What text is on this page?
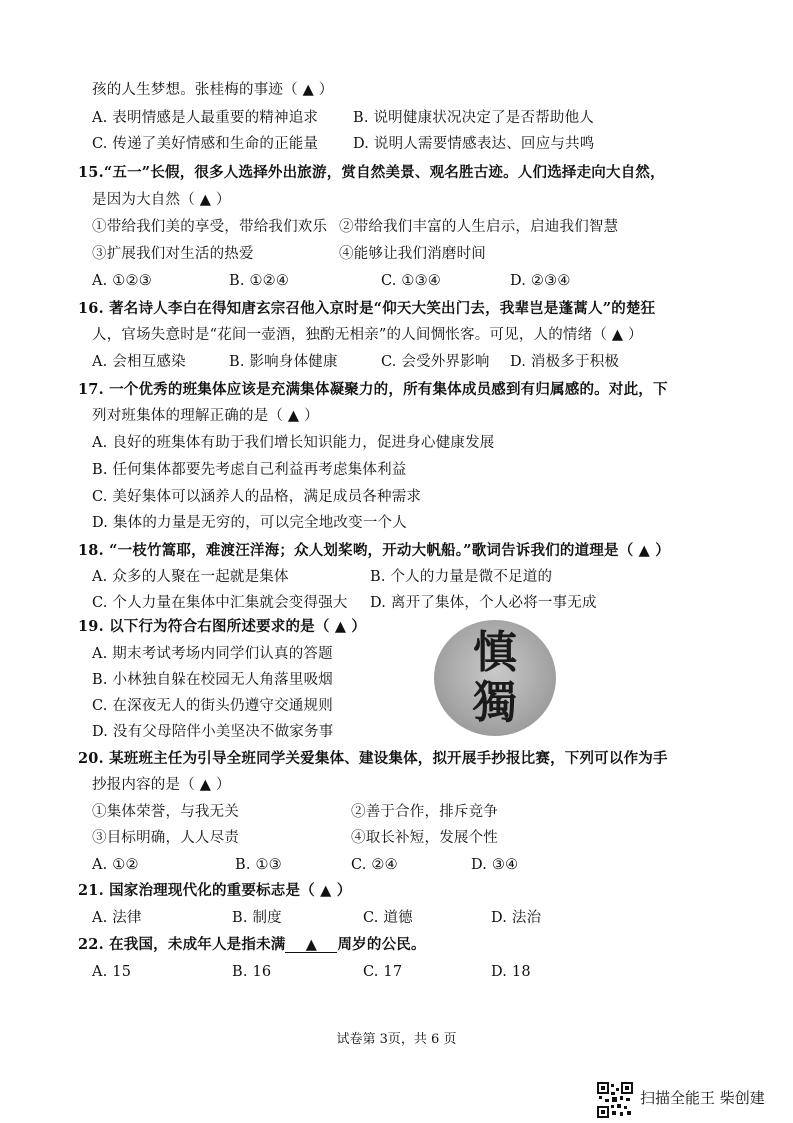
孩的人生梦想。张桂梅的事迹（ ▲ ）
A. 表明情感是人最重要的精神追求 B. 说明健康状况决定了是否帮助他人
C. 传递了美好情感和生命的正能量 D. 说明人需要情感表达、回应与共鸣
15.“五一”长假，很多人选择外出旅游，赏自然美景、观名胜古迹。人们选择走向大自然，
是因为大自然（ ▲ ）
①带给我们美的享受，带给我们欢乐 ②带给我们丰富的人生启示，启迪我们智慧
③扩展我们对生活的热爱	④能够让我们消磨时间
A. ①②③	B. ①②④	C. ①③④	D. ②③④
16. 著名诗人李白在得知唐玄宗召他入京时是“仰天大笑出门去，我辈岂是蓬蒿人”的楚狂
人，官场失意时是“花间一壶酒，独酌无相亲”的人间惆怅客。可见，人的情绪（ ▲ ）
A. 会相互感染	B. 影响身体健康	C. 会受外界影响 D. 消极多于积极
17. 一个优秀的班集体应该是充满集体凝聚力的，所有集体成员感到有归属感的。对此，下
列对班集体的理解正确的是（ ▲ ）
A. 良好的班集体有助于我们增长知识能力，促进身心健康发展
B. 任何集体都要先考虑自己利益再考虑集体利益
C. 美好集体可以涵养人的品格，满足成员各种需求
D. 集体的力量是无穷的，可以完全地改变一个人
18. “一枝竹篙耶，难渡汪洋海；众人划桨哟，开动大帆船。”歌词告诉我们的道理是（ ▲ ）
A. 众多的人聚在一起就是集体	B. 个人的力量是微不足道的
C. 个人力量在集体中汇集就会变得强大 D. 离开了集体，个人必将一事无成
19. 以下行为符合右图所述要求的是（ ▲ ）
A. 期末考试考场内同学们认真的答题
B. 小林独自躲在校园无人角落里吸烟
C. 在深夜无人的街头仍遵守交通规则
D. 没有父母陪伴小美坚决不做家务事
20. 某班班主任为引导全班同学关爱集体、建设集体，拟开展手抄报比赛，下列可以作为手
抄报内容的是（ ▲ ）
①集体荣誉，与我无关	②善于合作，排斥竞争
③目标明确，人人尽责	④取长补短，发展个性
A. ①②	B. ①③	C. ②④	D. ③④
21. 国家治理现代化的重要标志是（ ▲ ）
A. 法律	B. 制度	C. 道德	D. 法治
A. 15	B. 16	C. 17	D. 18
22. 在我国，未成年人是指未满 ▲ 周岁的公民。
慎
獨
试卷第 3页，共 6 页
扫描全能王 柴创建
